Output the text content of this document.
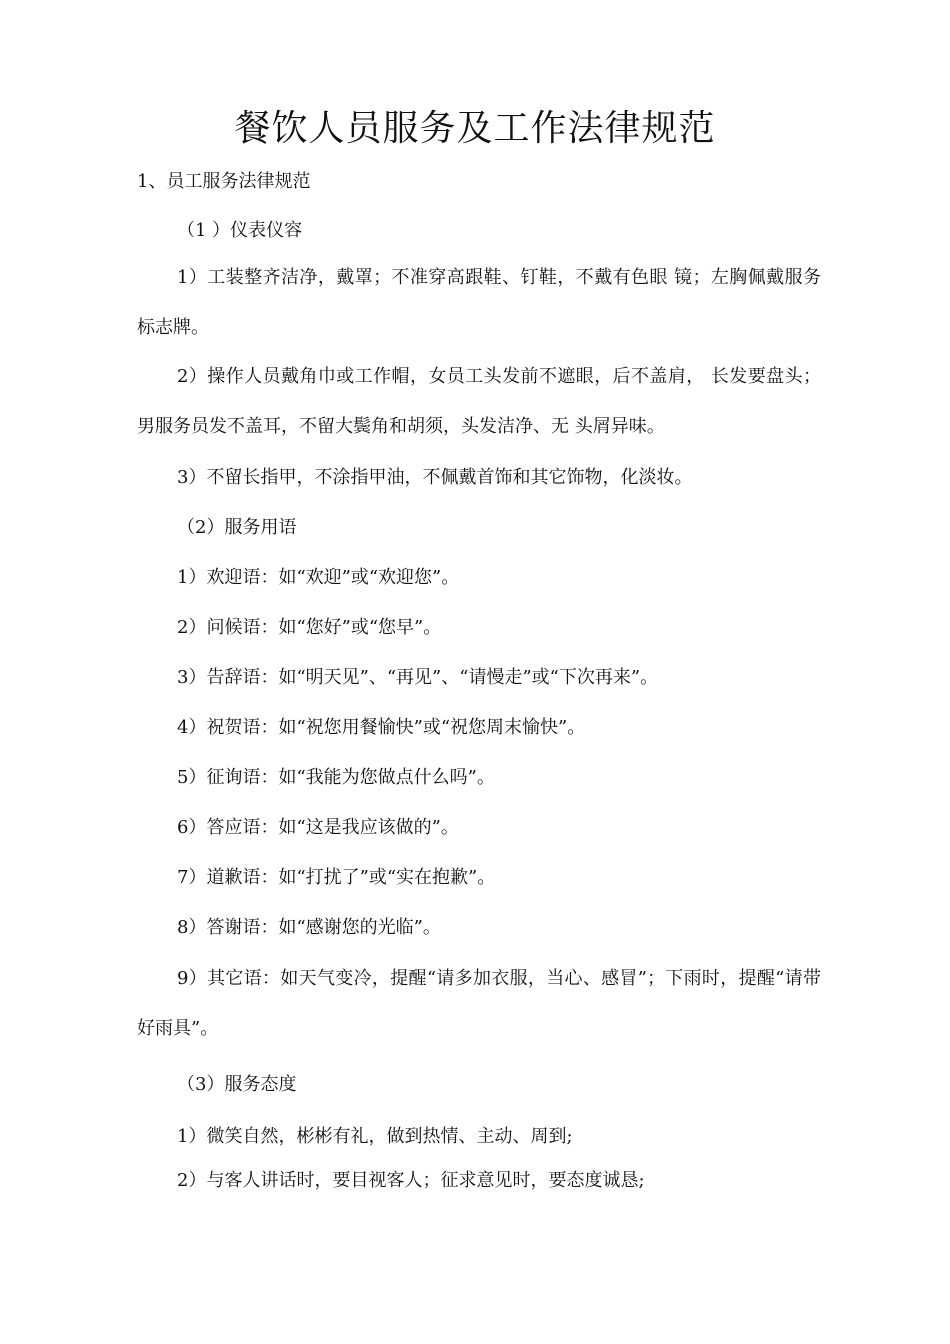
餐饮人员服务及工作法律规范

1、员工服务法律规范

（1 ）仪表仪容

1）工装整齐洁净，戴罩；不准穿高跟鞋、钉鞋，不戴有色眼 镜；左胸佩戴服务标志牌。

2）操作人员戴角巾或工作帽，女员工头发前不遮眼，后不盖肩， 长发要盘头；男服务员发不盖耳，不留大鬓角和胡须，头发洁净、无 头屑异味。

3）不留长指甲，不涂指甲油，不佩戴首饰和其它饰物，化淡妆。

（2）服务用语

1）欢迎语：如“欢迎”或“欢迎您”。

2）问候语：如“您好”或“您早”。

3）告辞语：如“明天见”、“再见”、“请慢走”或“下次再来”。

4）祝贺语：如“祝您用餐愉快”或“祝您周末愉快”。

5）征询语：如“我能为您做点什么吗”。

6）答应语：如“这是我应该做的”。

7）道歉语：如“打扰了”或“实在抱歉”。

8）答谢语：如“感谢您的光临”。

9）其它语：如天气变冷，提醒“请多加衣服，当心、感冒”；下雨时，提醒“请带好雨具”。

（3）服务态度

1）微笑自然，彬彬有礼，做到热情、主动、周到;

2）与客人讲话时，要目视客人；征求意见时，要态度诚恳;
